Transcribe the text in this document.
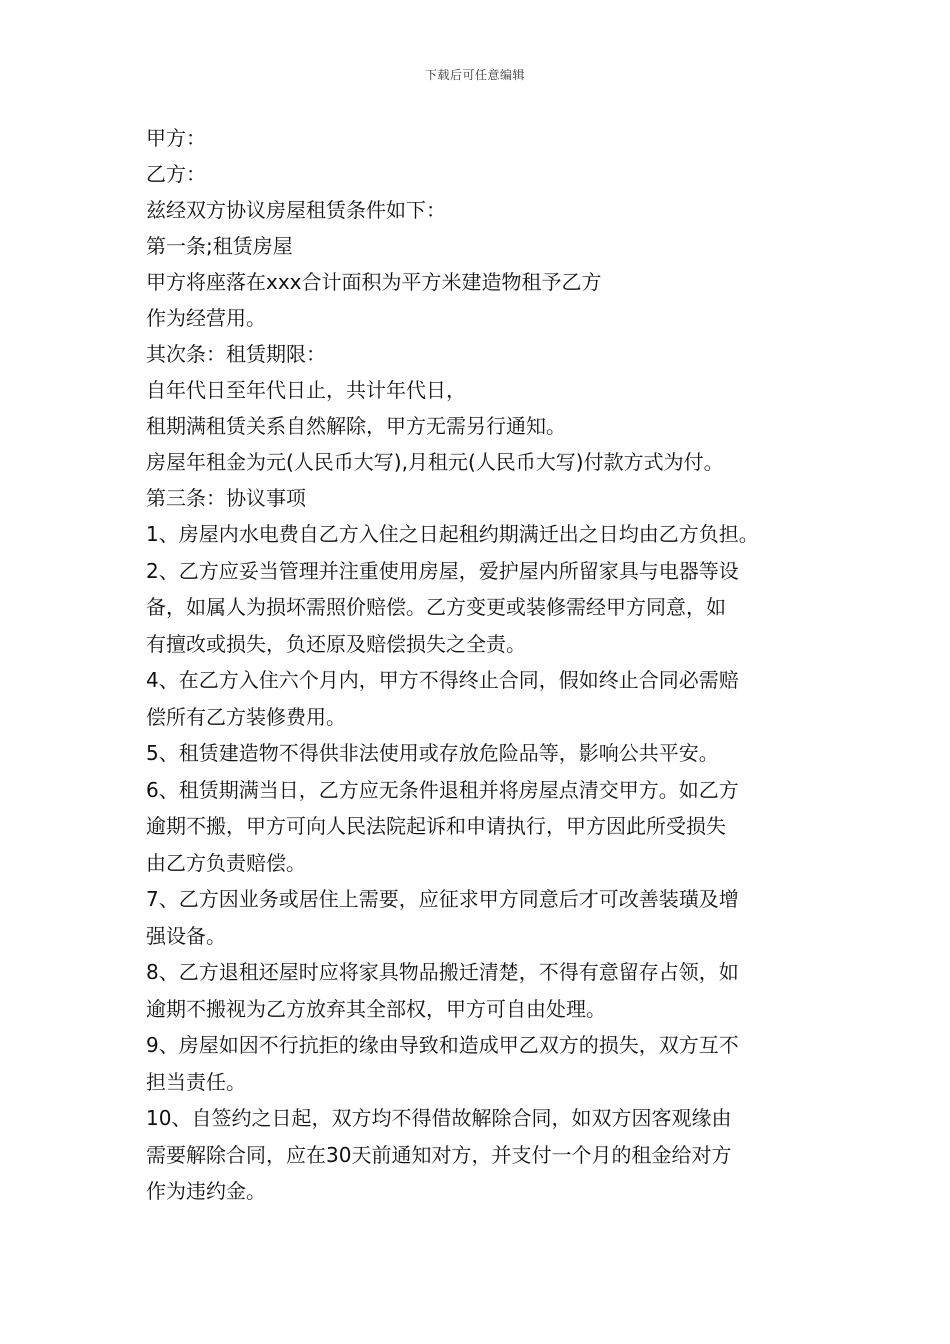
下载后可任意编辑
甲方：
乙方：
兹经双方协议房屋租赁条件如下：
第一条;租赁房屋
甲方将座落在xxx合计面积为平方米建造物租予乙方
作为经营用。
其次条：租赁期限：
自年代日至年代日止，共计年代日，
租期满租赁关系自然解除，甲方无需另行通知。
房屋年租金为元(人民币大写),月租元(人民币大写)付款方式为付。
第三条：协议事项
1、房屋内水电费自乙方入住之日起租约期满迁出之日均由乙方负担。
2、乙方应妥当管理并注重使用房屋，爱护屋内所留家具与电器等设
备，如属人为损坏需照价赔偿。乙方变更或装修需经甲方同意，如
有擅改或损失，负还原及赔偿损失之全责。
4、在乙方入住六个月内，甲方不得终止合同，假如终止合同必需赔
偿所有乙方装修费用。
5、租赁建造物不得供非法使用或存放危险品等，影响公共平安。
6、租赁期满当日，乙方应无条件退租并将房屋点清交甲方。如乙方
逾期不搬，甲方可向人民法院起诉和申请执行，甲方因此所受损失
由乙方负责赔偿。
7、乙方因业务或居住上需要，应征求甲方同意后才可改善装璜及增
强设备。
8、乙方退租还屋时应将家具物品搬迁清楚，不得有意留存占领，如
逾期不搬视为乙方放弃其全部权，甲方可自由处理。
9、房屋如因不行抗拒的缘由导致和造成甲乙双方的损失，双方互不
担当责任。
10、自签约之日起，双方均不得借故解除合同，如双方因客观缘由
需要解除合同，应在30天前通知对方，并支付一个月的租金给对方
作为违约金。
